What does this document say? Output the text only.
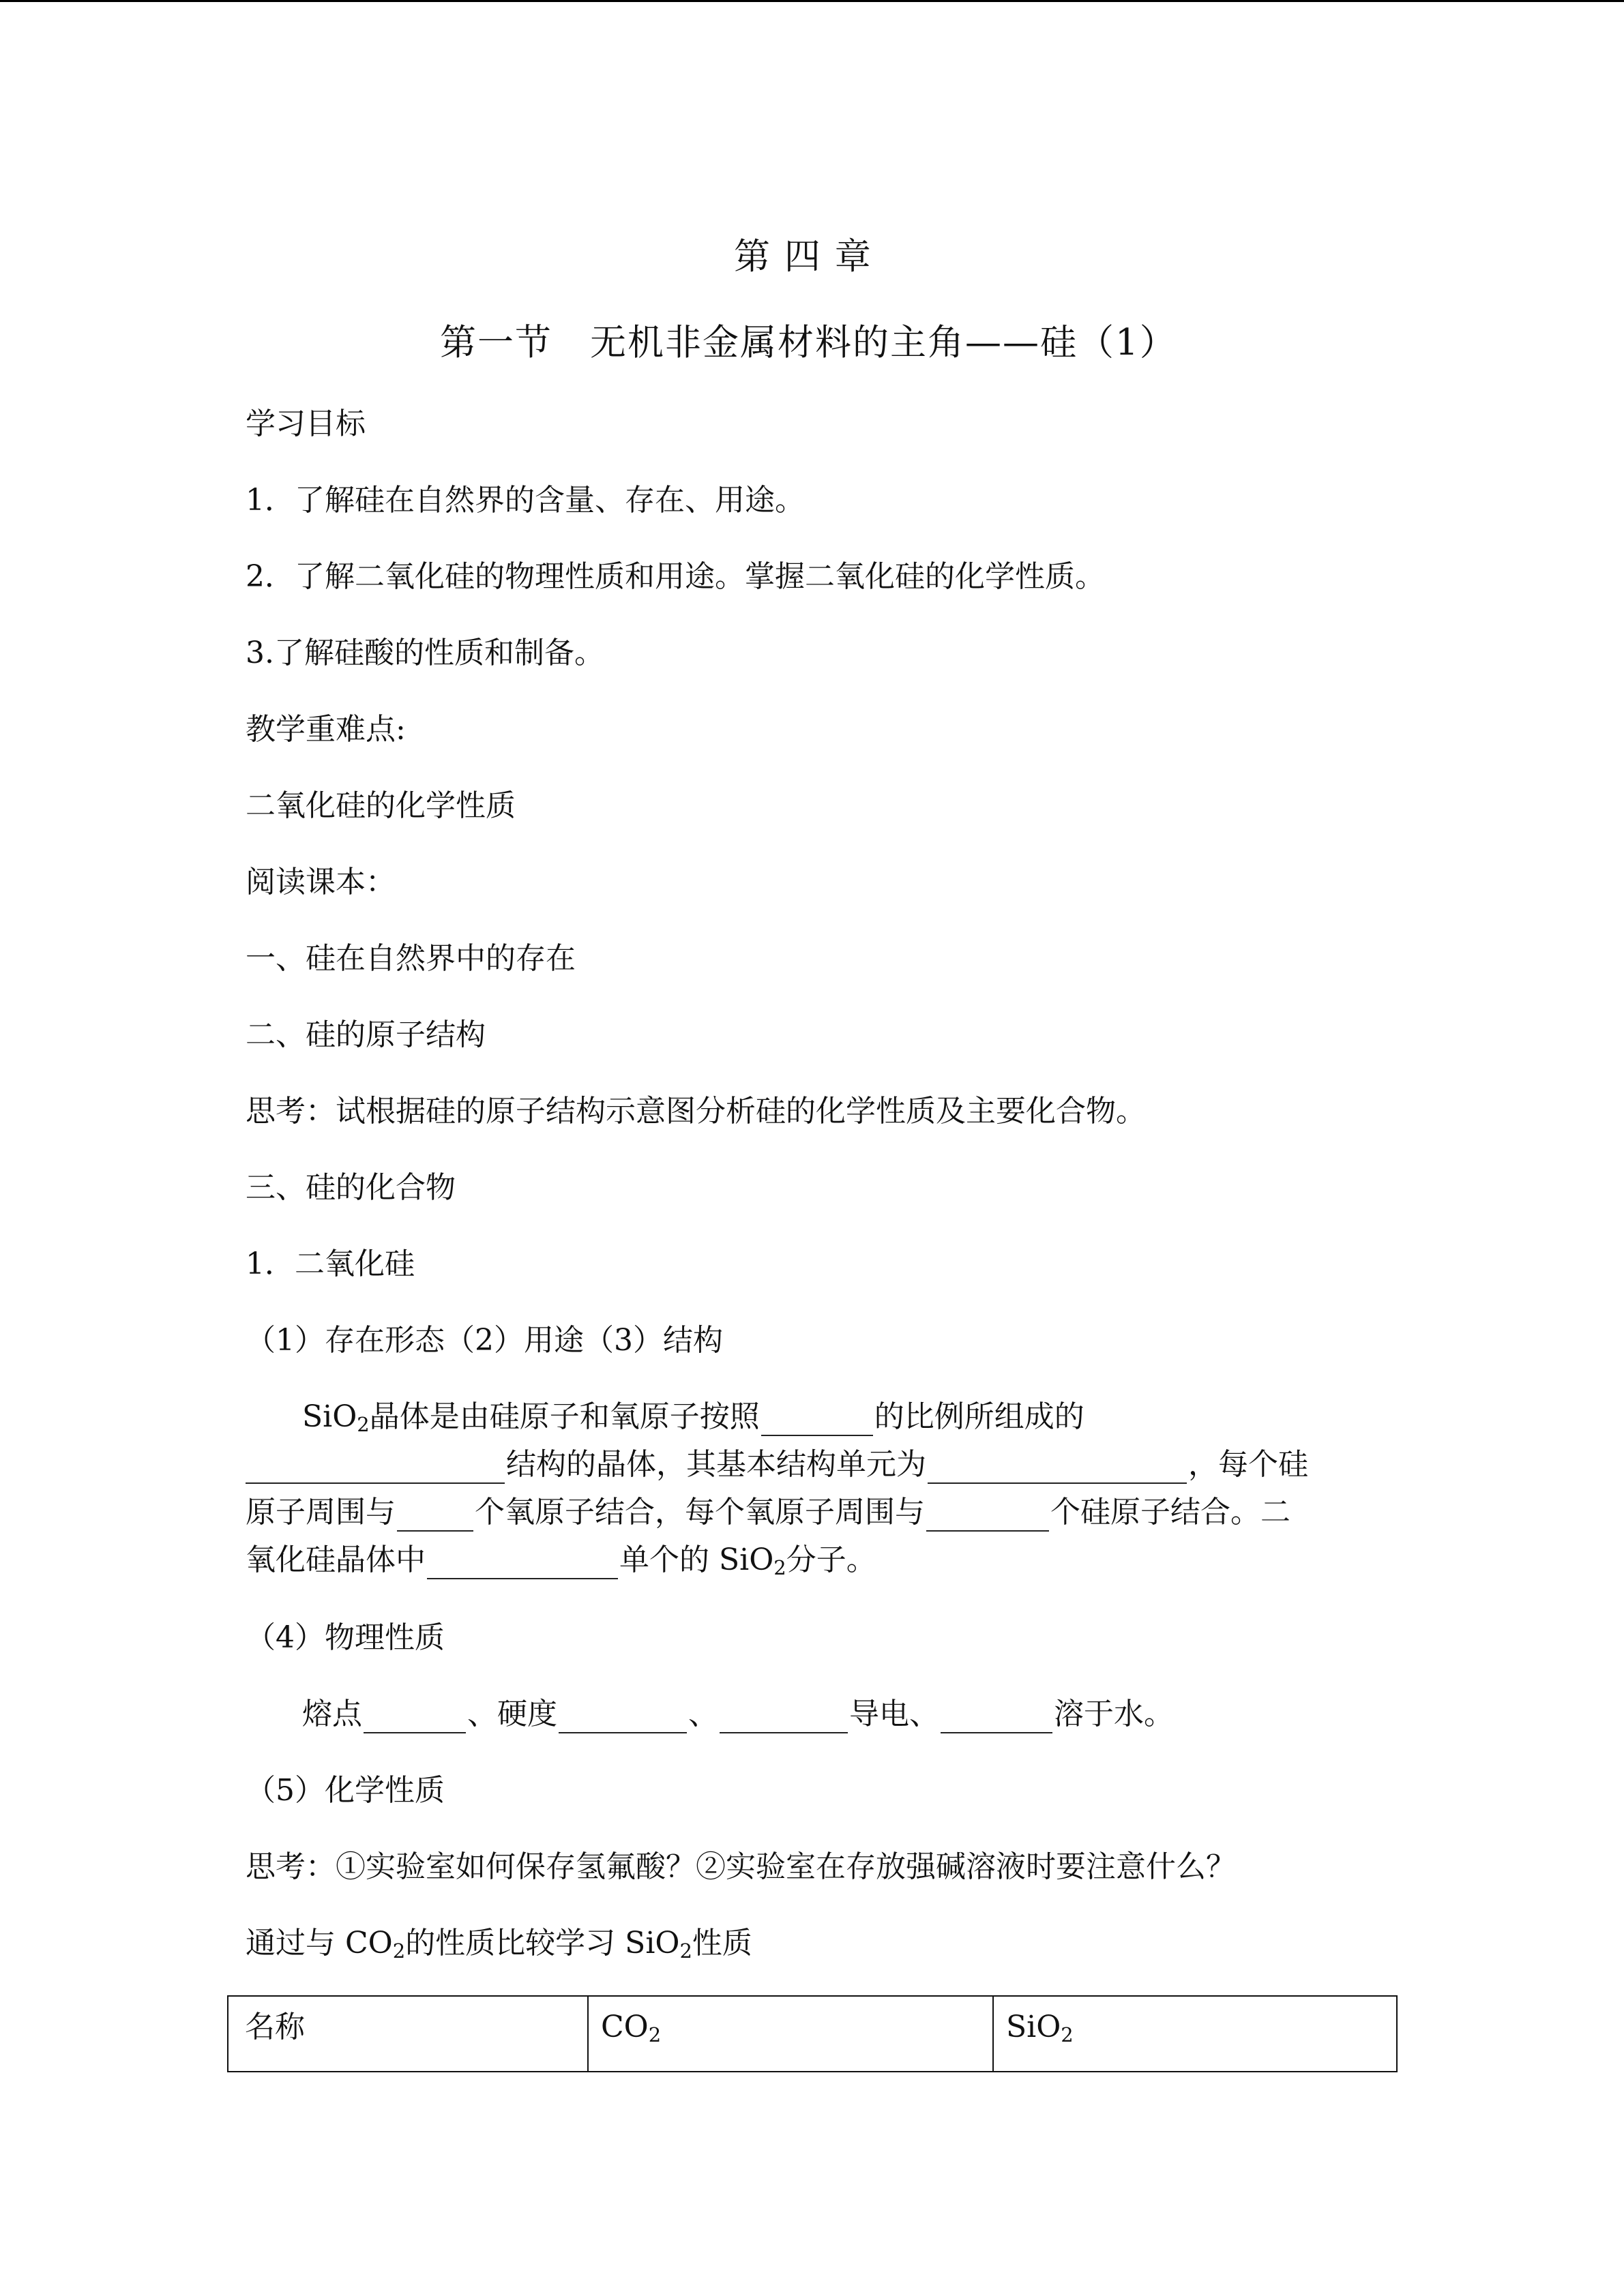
第 四 章
第一节　无机非金属材料的主角——硅（1）
学习目标
1．了解硅在自然界的含量、存在、用途。
2．了解二氧化硅的物理性质和用途。掌握二氧化硅的化学性质。
3.了解硅酸的性质和制备。
教学重难点:
二氧化硅的化学性质
阅读课本：
一、硅在自然界中的存在
二、硅的原子结构
思考：试根据硅的原子结构示意图分析硅的化学性质及主要化合物。
三、硅的化合物
1．二氧化硅
（1）存在形态（2）用途（3）结构
SiO$_2$晶体是由硅原子和氧原子按照	的比例所组成的
结构的晶体，其基本结构单元为	，每个硅
原子周围与	个氧原子结合，每个氧原子周围与	个硅原子结合。二
氧化硅晶体中	单个的 SiO$_2$分子。
（4）物理性质
熔点	、硬度	、	导电、	溶于水。
（5）化学性质
思考：①实验室如何保存氢氟酸？②实验室在存放强碱溶液时要注意什么？
通过与 $CO_2$的性质比较学习 SiO$_2$性质
名称	$CO_2$	SiO$_2$
